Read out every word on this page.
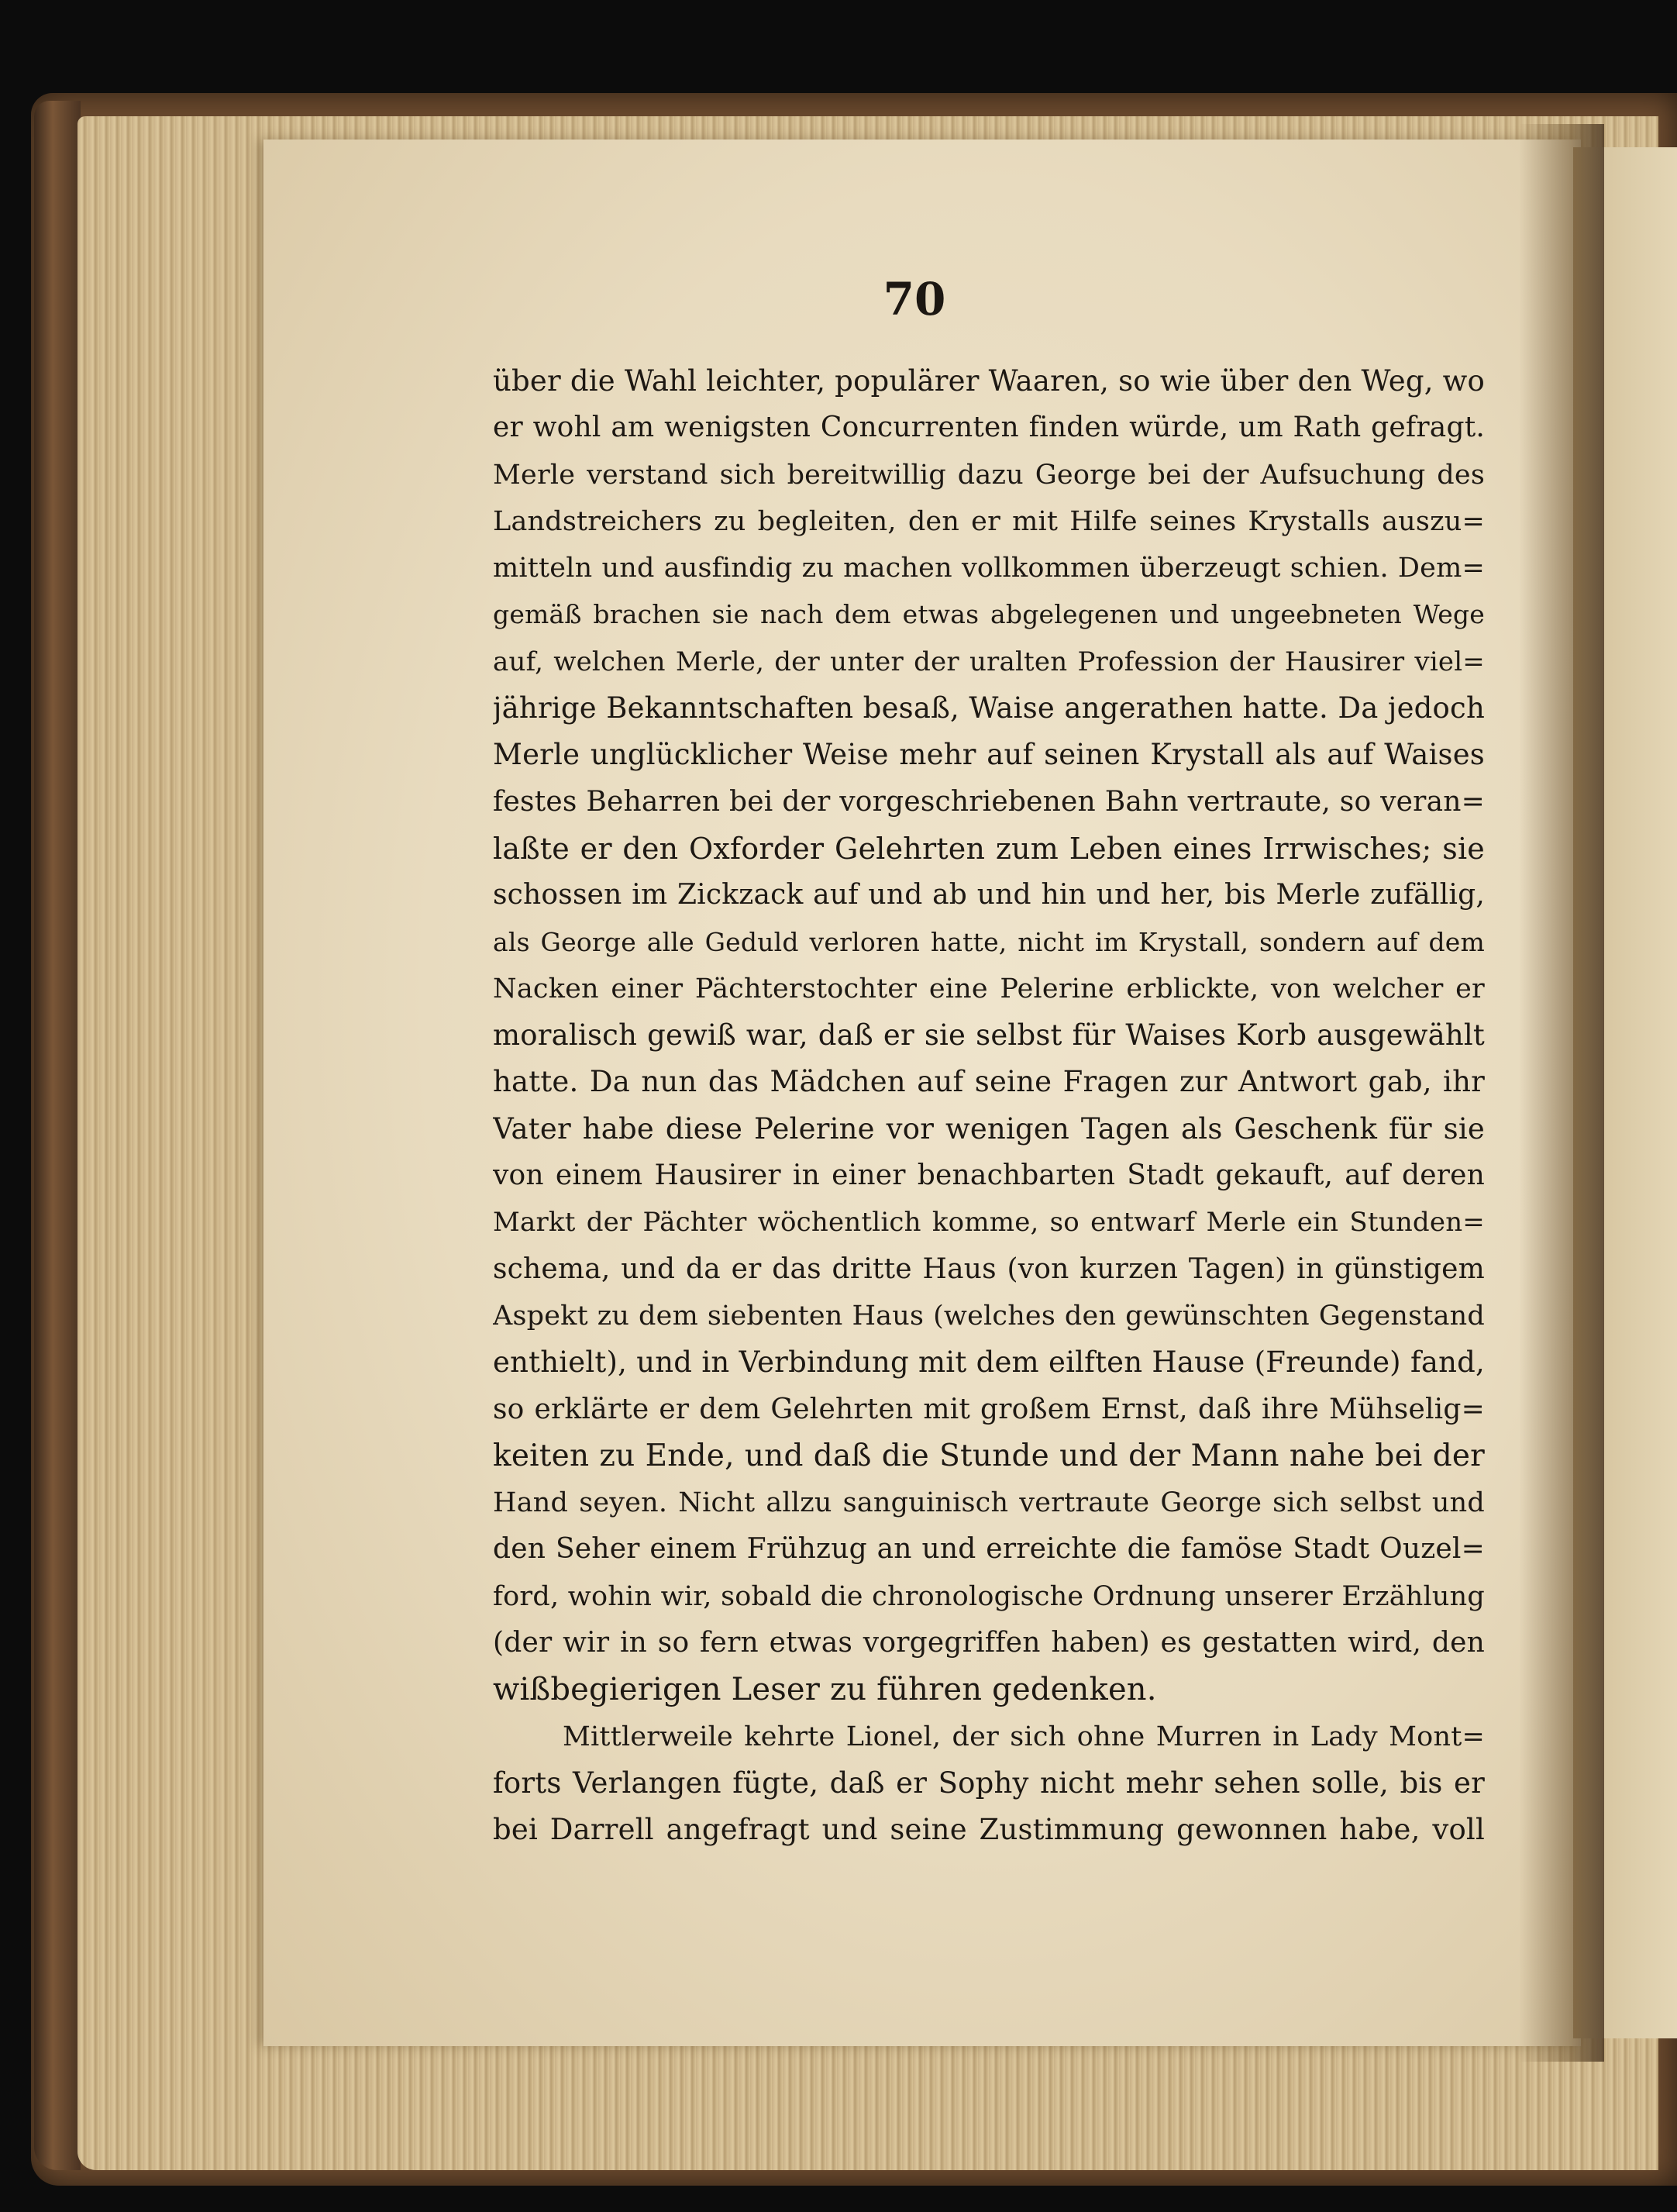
70
über die Wahl leichter, populärer Waaren, so wie über den Weg, wo
er wohl am wenigsten Concurrenten finden würde, um Rath gefragt.
Merle verstand sich bereitwillig dazu George bei der Aufsuchung des
Landstreichers zu begleiten, den er mit Hilfe seines Krystalls auszu=
mitteln und ausfindig zu machen vollkommen überzeugt schien. Dem=
gemäß brachen sie nach dem etwas abgelegenen und ungeebneten Wege
auf, welchen Merle, der unter der uralten Profession der Hausirer viel=
jährige Bekanntschaften besaß, Waise angerathen hatte. Da jedoch
Merle unglücklicher Weise mehr auf seinen Krystall als auf Waises
festes Beharren bei der vorgeschriebenen Bahn vertraute, so veran=
laßte er den Oxforder Gelehrten zum Leben eines Irrwisches; sie
schossen im Zickzack auf und ab und hin und her, bis Merle zufällig,
als George alle Geduld verloren hatte, nicht im Krystall, sondern auf dem
Nacken einer Pächterstochter eine Pelerine erblickte, von welcher er
moralisch gewiß war, daß er sie selbst für Waises Korb ausgewählt
hatte. Da nun das Mädchen auf seine Fragen zur Antwort gab, ihr
Vater habe diese Pelerine vor wenigen Tagen als Geschenk für sie
von einem Hausirer in einer benachbarten Stadt gekauft, auf deren
Markt der Pächter wöchentlich komme, so entwarf Merle ein Stunden=
schema, und da er das dritte Haus (von kurzen Tagen) in günstigem
Aspekt zu dem siebenten Haus (welches den gewünschten Gegenstand
enthielt), und in Verbindung mit dem eilften Hause (Freunde) fand,
so erklärte er dem Gelehrten mit großem Ernst, daß ihre Mühselig=
keiten zu Ende, und daß die Stunde und der Mann nahe bei der
Hand seyen. Nicht allzu sanguinisch vertraute George sich selbst und
den Seher einem Frühzug an und erreichte die famöse Stadt Ouzel=
ford, wohin wir, sobald die chronologische Ordnung unserer Erzählung
(der wir in so fern etwas vorgegriffen haben) es gestatten wird, den
wißbegierigen Leser zu führen gedenken.
Mittlerweile kehrte Lionel, der sich ohne Murren in Lady Mont=
forts Verlangen fügte, daß er Sophy nicht mehr sehen solle, bis er
bei Darrell angefragt und seine Zustimmung gewonnen habe, voll
